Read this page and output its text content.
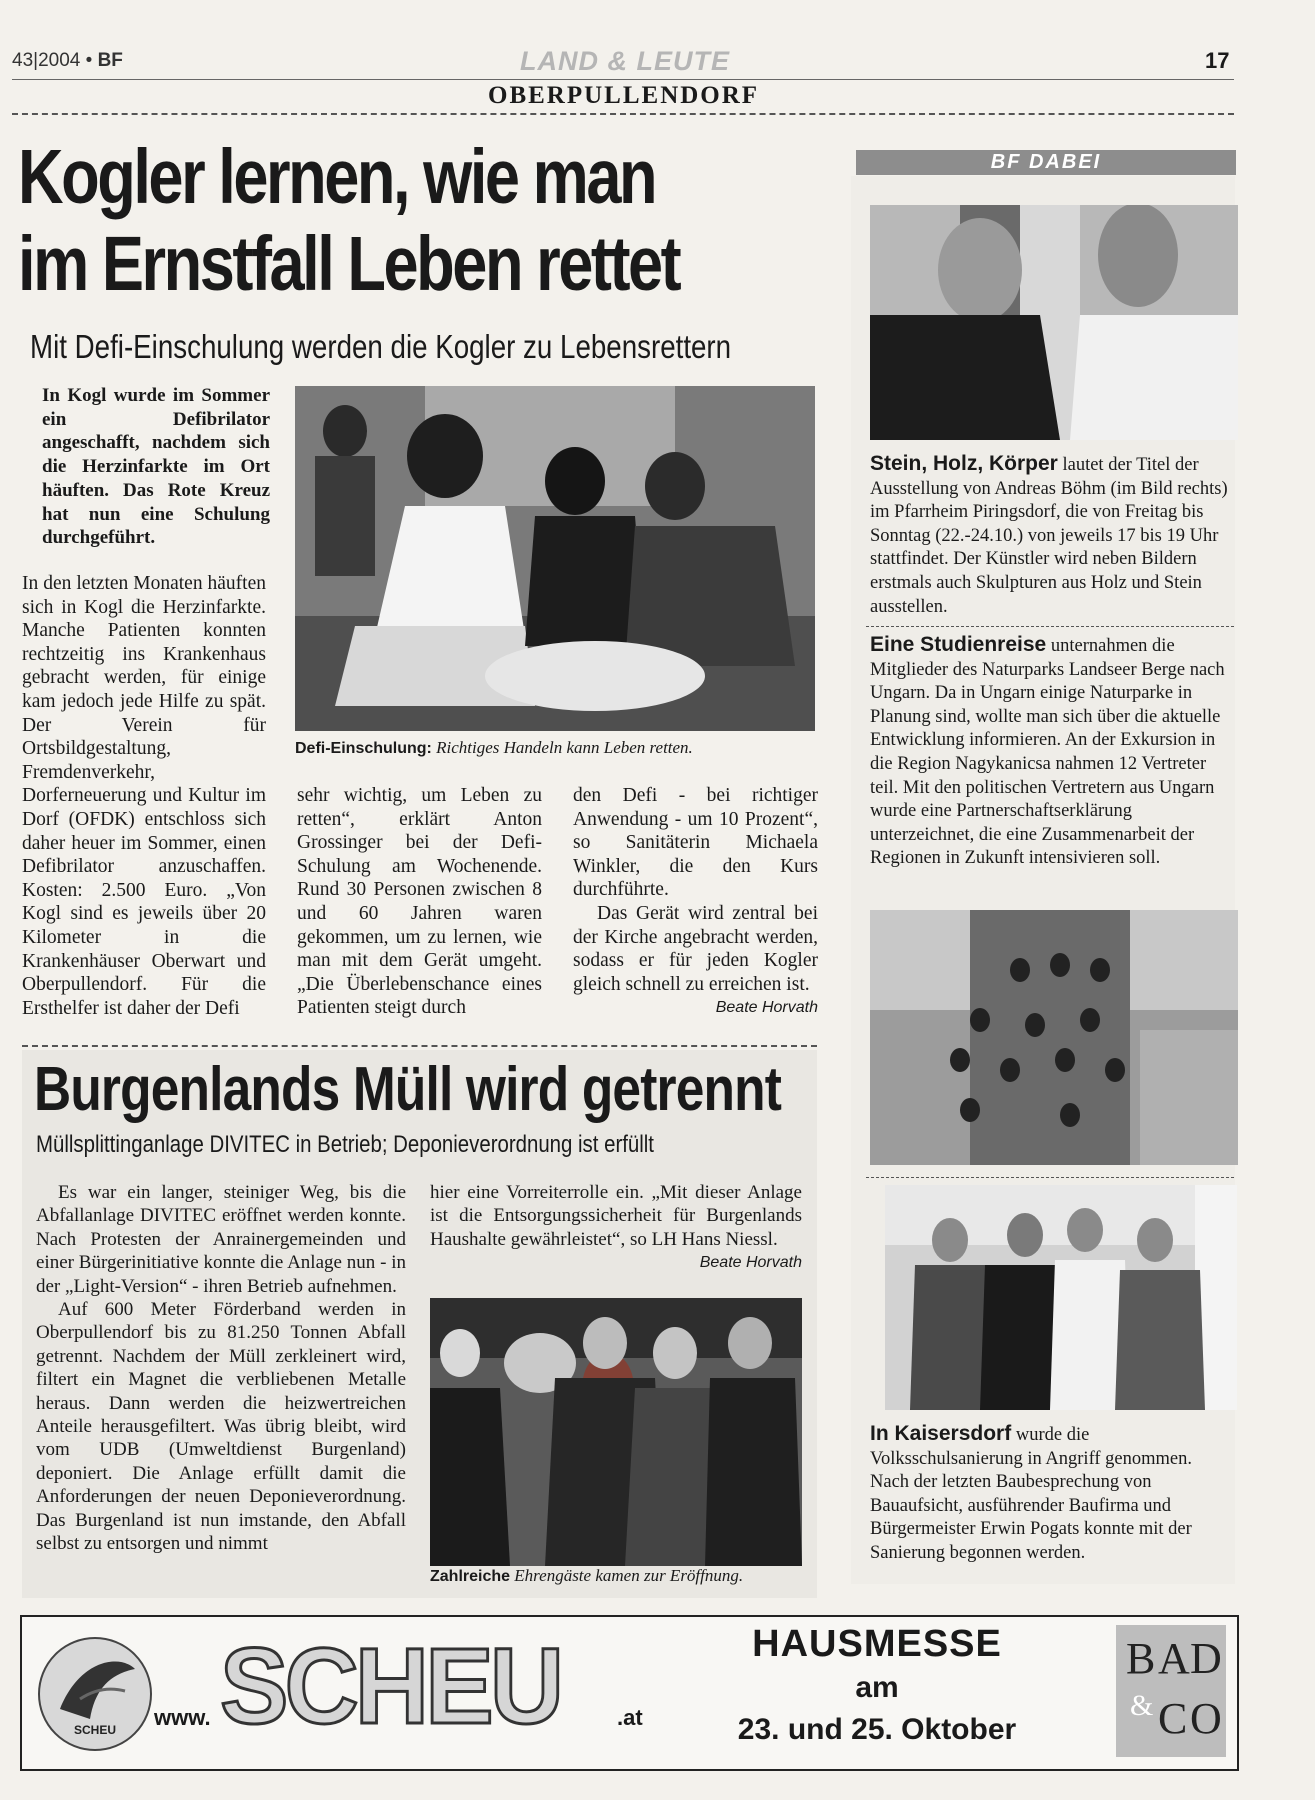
43|2004 • BF	LAND & LEUTE	17
OBERPULLENDORF
Kogler lernen, wie man
im Ernstfall Leben rettet
Mit Defi-Einschulung werden die Kogler zu Lebensrettern
In Kogl wurde im Sommer ein Defibrilator angeschafft, nachdem sich die Herzinfarkte im Ort häuften. Das Rote Kreuz hat nun eine Schulung durchgeführt.
In den letzten Monaten häuften sich in Kogl die Herzinfarkte. Manche Patienten konnten rechtzeitig ins Krankenhaus gebracht werden, für einige kam jedoch jede Hilfe zu spät. Der Verein für Ortsbildgestaltung, Fremdenverkehr, Dorferneuerung und Kultur im Dorf (OFDK) entschloss sich daher heuer im Sommer, einen Defibrilator anzuschaffen. Kosten: 2.500 Euro. „Von Kogl sind es jeweils über 20 Kilometer in die Krankenhäuser Oberwart und Oberpullendorf. Für die Ersthelfer ist daher der Defi
Defi-Einschulung: Richtiges Handeln kann Leben retten.
sehr wichtig, um Leben zu retten“, erklärt Anton Grossinger bei der Defi-Schulung am Wochenende. Rund 30 Personen zwischen 8 und 60 Jahren waren gekommen, um zu lernen, wie man mit dem Gerät umgeht. „Die Überlebenschance eines Patienten steigt durch
den Defi - bei richtiger Anwendung - um 10 Prozent“, so Sanitäterin Michaela Winkler, die den Kurs durchführte.
Das Gerät wird zentral bei der Kirche angebracht werden, sodass er für jeden Kogler gleich schnell zu erreichen ist.
Beate Horvath
Burgenlands Müll wird getrennt
Müllsplittinganlage DIVITEC in Betrieb; Deponieverordnung ist erfüllt
Es war ein langer, steiniger Weg, bis die Abfallanlage DIVITEC eröffnet werden konnte. Nach Protesten der Anrainergemeinden und einer Bürgerinitiative konnte die Anlage nun - in der „Light-Version“ - ihren Betrieb aufnehmen.
Auf 600 Meter Förderband werden in Oberpullendorf bis zu 81.250 Tonnen Abfall getrennt. Nachdem der Müll zerkleinert wird, filtert ein Magnet die verbliebenen Metalle heraus. Dann werden die heizwertreichen Anteile herausgefiltert. Was übrig bleibt, wird vom UDB (Umweltdienst Burgenland) deponiert. Die Anlage erfüllt damit die Anforderungen der neuen Deponieverordnung. Das Burgenland ist nun imstande, den Abfall selbst zu entsorgen und nimmt
hier eine Vorreiterrolle ein. „Mit dieser Anlage ist die Entsorgungssicherheit für Burgenlands Haushalte gewährleistet“, so LH Hans Niessl.
Beate Horvath
Zahlreiche Ehrengäste kamen zur Eröffnung.
BF DABEI
Stein, Holz, Körper lautet der Titel der Ausstellung von Andreas Böhm (im Bild rechts) im Pfarrheim Piringsdorf, die von Freitag bis Sonntag (22.-24.10.) von jeweils 17 bis 19 Uhr stattfindet. Der Künstler wird neben Bildern erstmals auch Skulpturen aus Holz und Stein ausstellen.
Eine Studienreise unternahmen die Mitglieder des Naturparks Landseer Berge nach Ungarn. Da in Ungarn einige Naturparke in Planung sind, wollte man sich über die aktuelle Entwicklung informieren. An der Exkursion in die Region Nagykanicsa nahmen 12 Vertreter teil. Mit den politischen Vertretern aus Ungarn wurde eine Partnerschaftserklärung unterzeichnet, die eine Zusammenarbeit der Regionen in Zukunft intensivieren soll.
In Kaisersdorf wurde die Volksschulsanierung in Angriff genommen. Nach der letzten Baubesprechung von Bauaufsicht, ausführender Baufirma und Bürgermeister Erwin Pogats konnte mit der Sanierung begonnen werden.
SCHEU	www. SCHEU	.at
HAUSMESSE
am
23. und 25. Oktober
B A D
& C O
